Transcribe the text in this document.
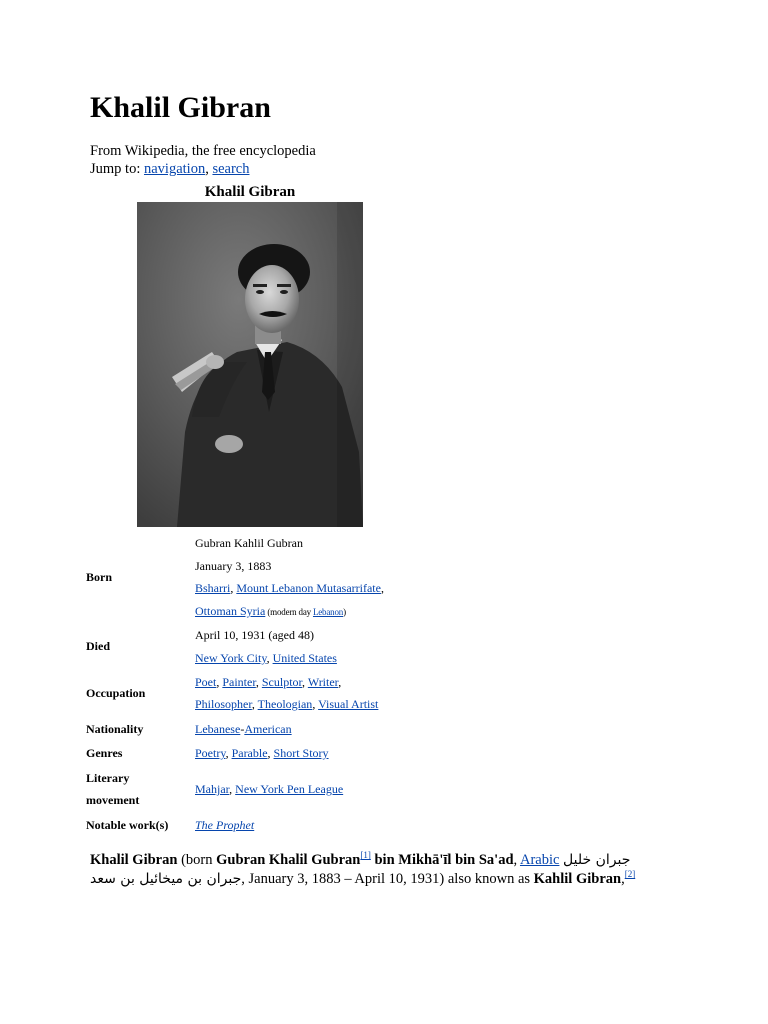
Khalil Gibran
From Wikipedia, the free encyclopedia
Jump to: navigation, search
Khalil Gibran
Gubran Kahlil Gubran
Born
January 3, 1883
Bsharri, Mount Lebanon Mutasarrifate,
Ottoman Syria (modern day Lebanon)
Died
April 10, 1931 (aged 48)
New York City, United States
Occupation
Poet, Painter, Sculptor, Writer,
Philosopher, Theologian, Visual Artist
Nationality	Lebanese-American
Genres	Poetry, Parable, Short Story
Literary
movement
Mahjar, New York Pen League
Notable work(s) The Prophet
Khalil Gibran (born Gubran Khalil Gubran[1] bin Mikhā'īl bin Sa'ad, Arabic جبران خليل
جبران بن ميخائيل بن سعد, January 3, 1883 – April 10, 1931) also known as Kahlil Gibran,[2]
